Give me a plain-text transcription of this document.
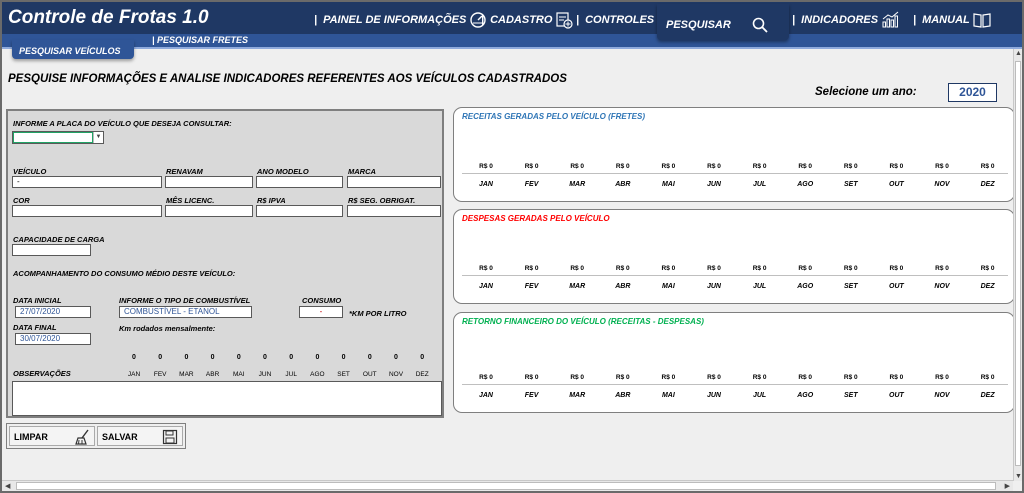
Controle de Frotas 1.0	| PAINEL DE INFORMAÇÕES | CADASTRO | CONTROLES	| INDICADORES	| MANUAL
PESQUISAR
PESQUISAR VEÍCULOS
| PESQUISAR FRETES
PESQUISE INFORMAÇÕES E ANALISE INDICADORES REFERENTES AOS VEÍCULOS CADASTRADOS
Selecione um ano:	2020
INFORME A PLACA DO VEÍCULO QUE DESEJA CONSULTAR:
▼
VEÍCULO
-
RENAVAM	ANO MODELO	MARCA
COR	MÊS LICENC.	R$ IPVA	R$ SEG. OBRIGAT.
CAPACIDADE DE CARGA
ACOMPANHAMENTO DO CONSUMO MÉDIO DESTE VEÍCULO:
DATA INICIAL
27/07/2020
DATA FINAL
30/07/2020
INFORME O TIPO DE COMBUSTÍVEL
COMBUSTÍVEL - ETANOL
CONSUMO
-	*KM POR LITRO
Km rodados mensalmente:
0
JAN
0
FEV
0
MAR
0
ABR
0
MAI
0
JUN
0
JUL
0
AGO
0
SET
0
OUT
0
NOV
0
DEZ
OBSERVAÇÕES
LIMPAR	SALVAR
RECEITAS GERADAS PELO VEÍCULO (FRETES)
R$ 0
JAN
R$ 0
FEV
R$ 0
MAR
R$ 0
ABR
R$ 0
MAI
R$ 0
JUN
R$ 0
JUL
R$ 0
AGO
R$ 0
SET
R$ 0
OUT
R$ 0
NOV
R$ 0
DEZ
DESPESAS GERADAS PELO VEÍCULO
R$ 0
JAN
R$ 0
FEV
R$ 0
MAR
R$ 0
ABR
R$ 0
MAI
R$ 0
JUN
R$ 0
JUL
R$ 0
AGO
R$ 0
SET
R$ 0
OUT
R$ 0
NOV
R$ 0
DEZ
RETORNO FINANCEIRO DO VEÍCULO (RECEITAS - DESPESAS)
R$ 0
JAN
R$ 0
FEV
R$ 0
MAR
R$ 0
ABR
R$ 0
MAI
R$ 0
JUN
R$ 0
JUL
R$ 0
AGO
R$ 0
SET
R$ 0
OUT
R$ 0
NOV
R$ 0
DEZ
▲
▼
◀	▶
